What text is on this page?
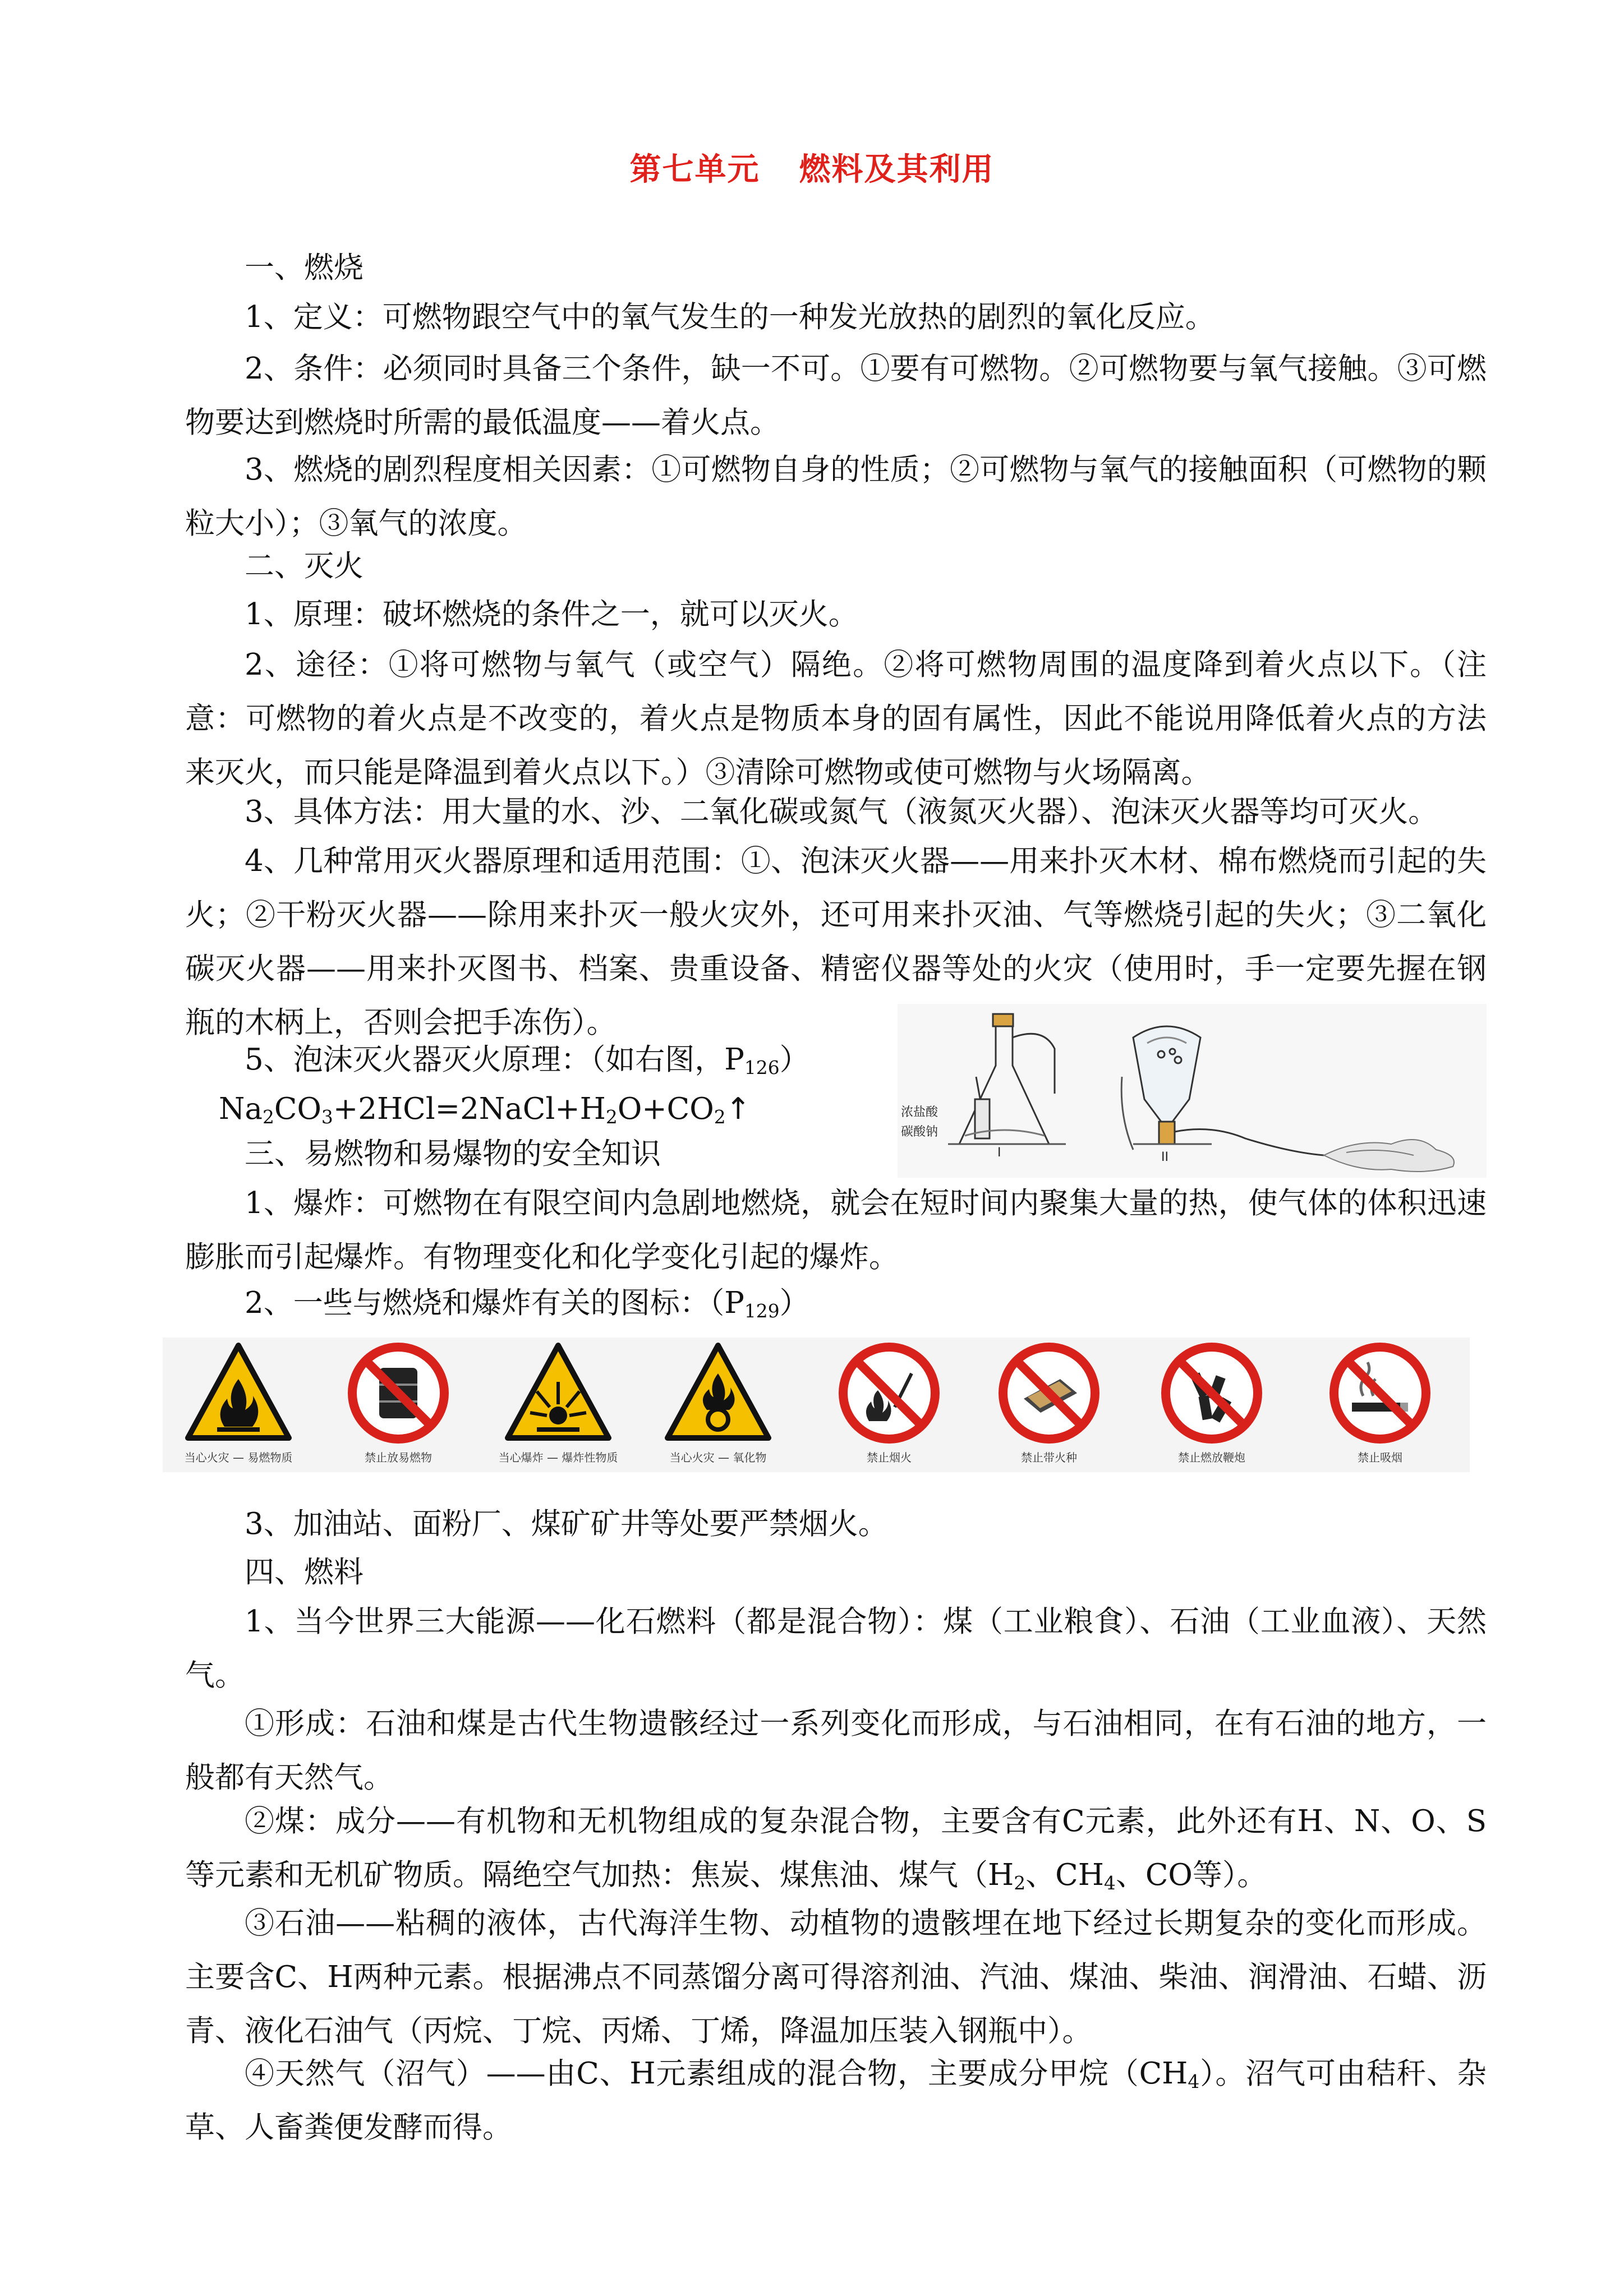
第七单元 燃料及其利用

一、燃烧

1、定义：可燃物跟空气中的氧气发生的一种发光放热的剧烈的氧化反应。

2、条件：必须同时具备三个条件，缺一不可。①要有可燃物。②可燃物要与氧气接触。③可燃物要达到燃烧时所需的最低温度——着火点。

3、燃烧的剧烈程度相关因素：①可燃物自身的性质；②可燃物与氧气的接触面积（可燃物的颗粒大小）；③氧气的浓度。

二、灭火

1、原理：破坏燃烧的条件之一，就可以灭火。

2、途径：①将可燃物与氧气（或空气）隔绝。②将可燃物周围的温度降到着火点以下。（注意：可燃物的着火点是不改变的，着火点是物质本身的固有属性，因此不能说用降低着火点的方法来灭火，而只能是降温到着火点以下。）③清除可燃物或使可燃物与火场隔离。

3、具体方法：用大量的水、沙、二氧化碳或氮气（液氮灭火器）、泡沫灭火器等均可灭火。

4、几种常用灭火器原理和适用范围：①、泡沫灭火器——用来扑灭木材、棉布燃烧而引起的失火；②干粉灭火器——除用来扑灭一般火灾外，还可用来扑灭油、气等燃烧引起的失火；③二氧化碳灭火器——用来扑灭图书、档案、贵重设备、精密仪器等处的火灾（使用时，手一定要先握在钢瓶的木柄上，否则会把手冻伤）。

5、泡沫灭火器灭火原理：（如右图，$P_{126}$）

$Na_2CO_3+2HCl=2NaCl+H_2O+CO_2↑$

三、易燃物和易爆物的安全知识

1、爆炸：可燃物在有限空间内急剧地燃烧，就会在短时间内聚集大量的热，使气体的体积迅速膨胀而引起爆炸。有物理变化和化学变化引起的爆炸。

2、一些与燃烧和爆炸有关的图标：$(P_{129})$

3、加油站、面粉厂、煤矿矿井等处要严禁烟火。

四、燃料

1、当今世界三大能源——化石燃料（都是混合物）：煤（工业粮食）、石油（工业血液）、天然气。

①形成：石油和煤是古代生物遗骸经过一系列变化而形成，与石油相同，在有石油的地方，一般都有天然气。

②煤：成分——有机物和无机物组成的复杂混合物，主要含有C元素，此外还有H、N、O、S等元素和无机矿物质。隔绝空气加热：焦炭、煤焦油、煤气（$H_2$、$CH_4$、CO等）。

③石油——粘稠的液体，古代海洋生物、动植物的遗骸埋在地下经过长期复杂的变化而形成。主要含C、H两种元素。根据沸点不同蒸馏分离可得溶剂油、汽油、煤油、柴油、润滑油、石蜡、沥青、液化石油气（丙烷、丁烷、丙烯、丁烯，降温加压装入钢瓶中）。

④天然气（沼气）——由C、H元素组成的混合物，主要成分甲烷$(CH_4)$。沼气可由秸秆、杂草、人畜粪便发酵而得。

浓盐酸
碳酸钠
I	II
当心火灾 — 易燃物质	禁止放易燃物	当心爆炸 — 爆炸性物质	当心火灾 — 氧化物	禁止烟火	禁止带火种	禁止燃放鞭炮	禁止吸烟
